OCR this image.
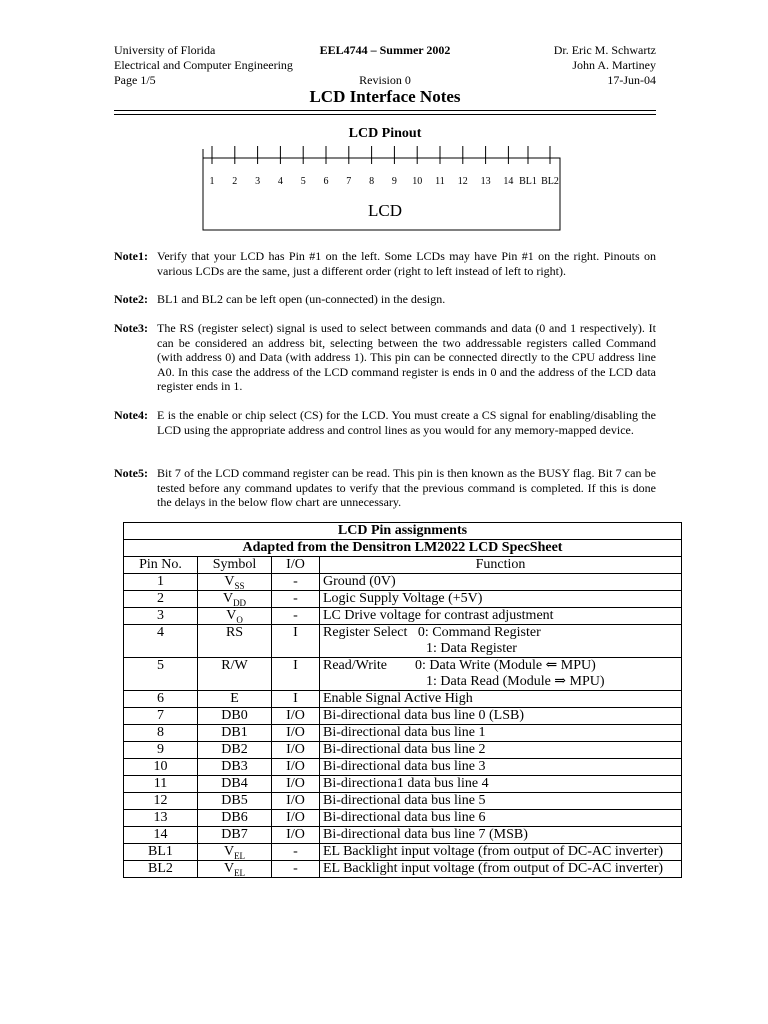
University of Florida	EEL4744 – Summer 2002	Dr. Eric M. Schwartz
Electrical and Computer Engineering	John A. Martiney
Page 1/5	Revision 0	17-Jun-04
LCD Interface Notes
LCD Pinout
LCD
1 2 3 4 5 6 7 8 9 10 11 12 13 14 BL1 BL2
Note1: Verify that your LCD has Pin #1 on the left. Some LCDs may have Pin #1 on the right. Pinouts on various LCDs are the same, just a different order (right to left instead of left to right).
Note2: BL1 and BL2 can be left open (un-connected) in the design.
Note3: The RS (register select) signal is used to select between commands and data (0 and 1 respectively). It can be considered an address bit, selecting between the two addressable registers called Command (with address 0) and Data (with address 1). This pin can be connected directly to the CPU address line A0. In this case the address of the LCD command register is ends in 0 and the address of the LCD data register ends in 1.
Note4: E is the enable or chip select (CS) for the LCD. You must create a CS signal for enabling/disabling the LCD using the appropriate address and control lines as you would for any memory-mapped device.
Note5: Bit 7 of the LCD command register can be read. This pin is then known as the BUSY flag. Bit 7 can be tested before any command updates to verify that the previous command is completed. If this is done the delays in the below flow chart are unnecessary.
LCD Pin assignments			
Adapted from the Densitron LM2022 LCD SpecSheet			
Pin No.	Symbol	I/O	Function
1	$V_{SS}$	-	Ground (0V)
2	$V_{DD}$	-	Logic Supply Voltage (+5V)
3	$V_O$	-	LC Drive voltage for contrast adjustment
4	RS	I	Register Select   0: Command Register
1: Data Register

5	R/W	I	Read/Write        0: Data Write (Module ⇐ MPU)
1: Data Read (Module ⇒ MPU)

6	E	I	Enable Signal Active High
7	DB0	I/O	Bi-directional data bus line 0 (LSB)
8	DB1	I/O	Bi-directional data bus line 1
9	DB2	I/O	Bi-directional data bus line 2
10	DB3	I/O	Bi-directional data bus line 3
11	DB4	I/O	Bi-directiona1 data bus line 4
12	DB5	I/O	Bi-directional data bus line 5
13	DB6	I/O	Bi-directional data bus line 6
14	DB7	I/O	Bi-directional data bus line 7 (MSB)
BL1	$V_{EL}$	-	EL Backlight input voltage (from output of DC-AC inverter)
BL2	$V_{EL}$	-	EL Backlight input voltage (from output of DC-AC inverter)
